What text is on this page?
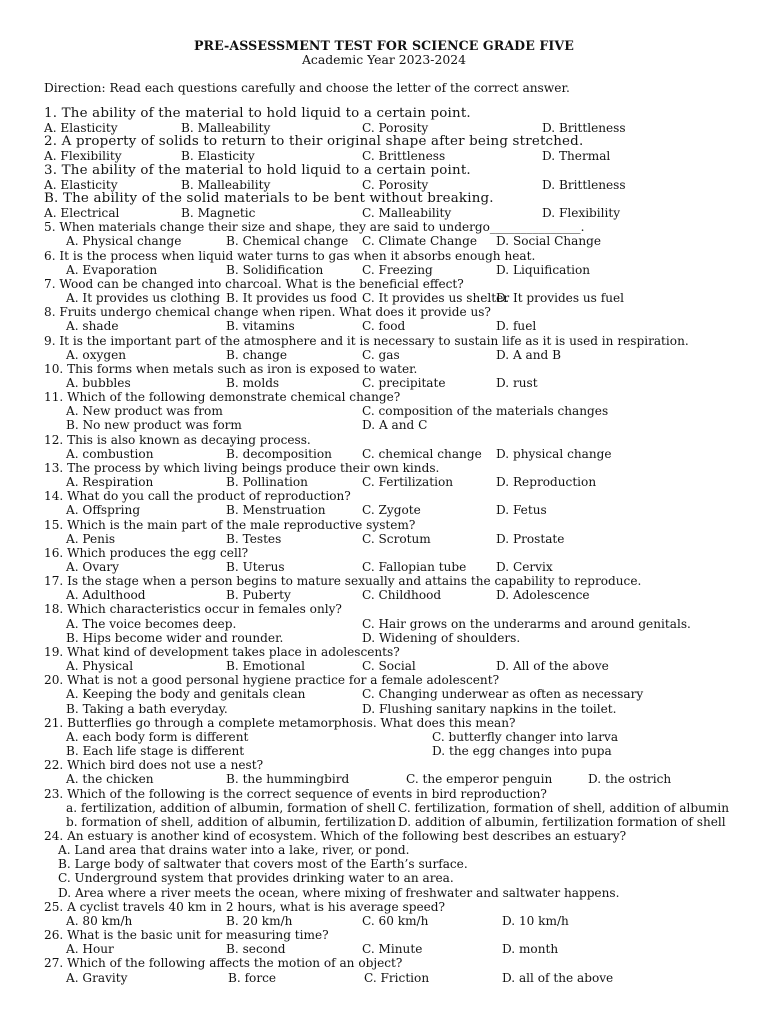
PRE-ASSESSMENT TEST FOR SCIENCE GRADE FIVE
Academic Year 2023-2024
Direction: Read each questions carefully and choose the letter of the correct answer.
1. The ability of the material to hold liquid to a certain point.
A. Elasticity	B. Malleability	C. Porosity	D. Brittleness
2. A property of solids to return to their original shape after being stretched.
A. Flexibility	B. Elasticity	C. Brittleness	D. Thermal
3. The ability of the material to hold liquid to a certain point.
A. Elasticity	B. Malleability	C. Porosity	D. Brittleness
B. The ability of the solid materials to be bent without breaking.
A. Electrical	B. Magnetic	C. Malleability	D. Flexibility
5. When materials change their size and shape, they are said to undergo_______________.
A. Physical change	B. Chemical change C. Climate Change D. Social Change
6. It is the process when liquid water turns to gas when it absorbs enough heat.
A. Evaporation	B. Solidification	C. Freezing	D. Liquification
7. Wood can be changed into charcoal. What is the beneficial effect?
A. It provides us clothing B. It provides us food C. It provides us shelter
D. It provides us fuel
8. Fruits undergo chemical change when ripen. What does it provide us?
A. shade	B. vitamins	C. food	D. fuel
9. It is the important part of the atmosphere and it is necessary to sustain life as it is used in respiration.
A. oxygen	B. change	C. gas	D. A and B
10. This forms when metals such as iron is exposed to water.
A. bubbles	B. molds	C. precipitate	D. rust
11. Which of the following demonstrate chemical change?
A. New product was from	C. composition of the materials changes
B. No new product was form	D. A and C
12. This is also known as decaying process.
A. combustion	B. decomposition C. chemical change D. physical change
13. The process by which living beings produce their own kinds.
A. Respiration	B. Pollination	C. Fertilization	D. Reproduction
14. What do you call the product of reproduction?
A. Offspring	B. Menstruation	C. Zygote	D. Fetus
15. Which is the main part of the male reproductive system?
A. Penis	B. Testes	C. Scrotum	D. Prostate
16. Which produces the egg cell?
A. Ovary	B. Uterus	C. Fallopian tube D. Cervix
17. Is the stage when a person begins to mature sexually and attains the capability to reproduce.
A. Adulthood	B. Puberty	C. Childhood	D. Adolescence
18. Which characteristics occur in females only?
A. The voice becomes deep.	C. Hair grows on the underarms and around genitals.
B. Hips become wider and rounder.	D. Widening of shoulders.
19. What kind of development takes place in adolescents?
A. Physical	B. Emotional	C. Social	D. All of the above
20. What is not a good personal hygiene practice for a female adolescent?
A. Keeping the body and genitals clean	C. Changing underwear as often as necessary
B. Taking a bath everyday.	D. Flushing sanitary napkins in the toilet.
21. Butterflies go through a complete metamorphosis. What does this mean?
A. each body form is different	C. butterfly changer into larva
B. Each life stage is different	D. the egg changes into pupa
22. Which bird does not use a nest?
A. the chicken	B. the hummingbird	C. the emperor penguin	D. the ostrich
23. Which of the following is the correct sequence of events in bird reproduction?
a. fertilization, addition of albumin, formation of shell C. fertilization, formation of shell, addition of albumin
b. formation of shell, addition of albumin, fertilization D. addition of albumin, fertilization formation of shell
24. An estuary is another kind of ecosystem. Which of the following best describes an estuary?
A. Land area that drains water into a lake, river, or pond.
B. Large body of saltwater that covers most of the Earth’s surface.
C. Underground system that provides drinking water to an area.
D. Area where a river meets the ocean, where mixing of freshwater and saltwater happens.
25. A cyclist travels 40 km in 2 hours, what is his average speed?
A. 80 km/h	B. 20 km/h	C. 60 km/h	D. 10 km/h
26. What is the basic unit for measuring time?
A. Hour	B. second	C. Minute	D. month
27. Which of the following affects the motion of an object?
A. Gravity	B. force	C. Friction	D. all of the above
